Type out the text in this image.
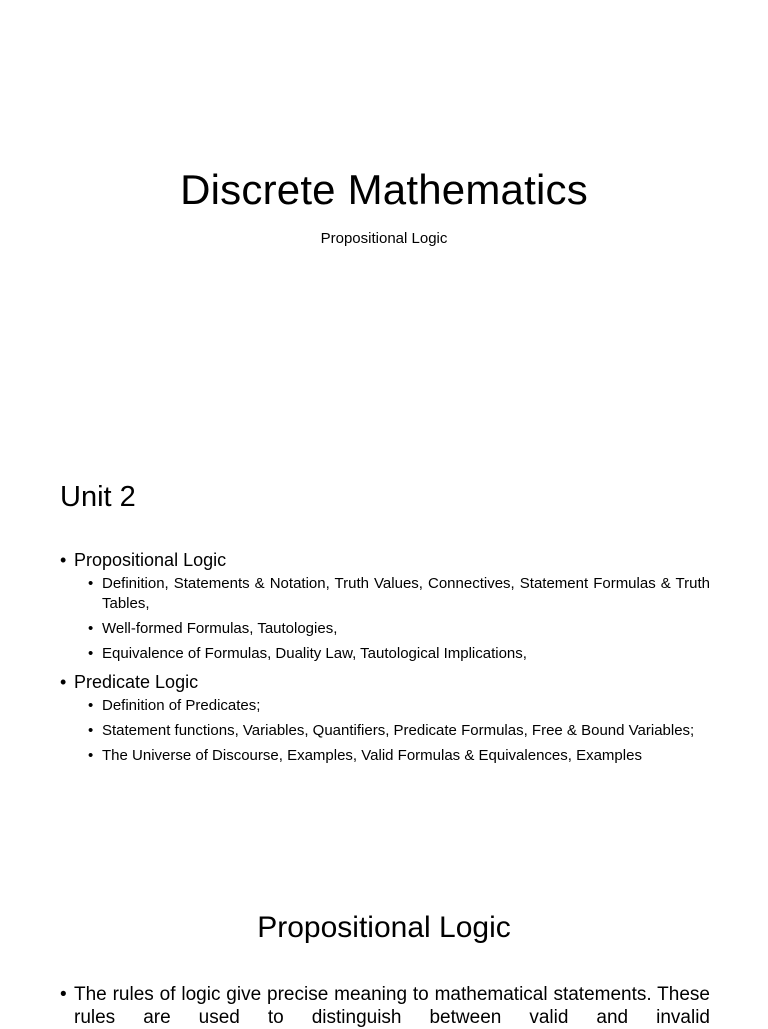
Discrete Mathematics
Propositional Logic
Unit 2
• Propositional Logic
• Definition, Statements & Notation, Truth Values, Connectives, Statement Formulas & Truth Tables,
• Well-formed Formulas, Tautologies,
• Equivalence of Formulas, Duality Law, Tautological Implications,
• Predicate Logic
• Definition of Predicates;
• Statement functions, Variables, Quantifiers, Predicate Formulas, Free & Bound Variables;
• The Universe of Discourse, Examples, Valid Formulas & Equivalences, Examples
Propositional Logic
• The rules of logic give precise meaning to mathematical statements. These rules are used to distinguish between valid and invalid
